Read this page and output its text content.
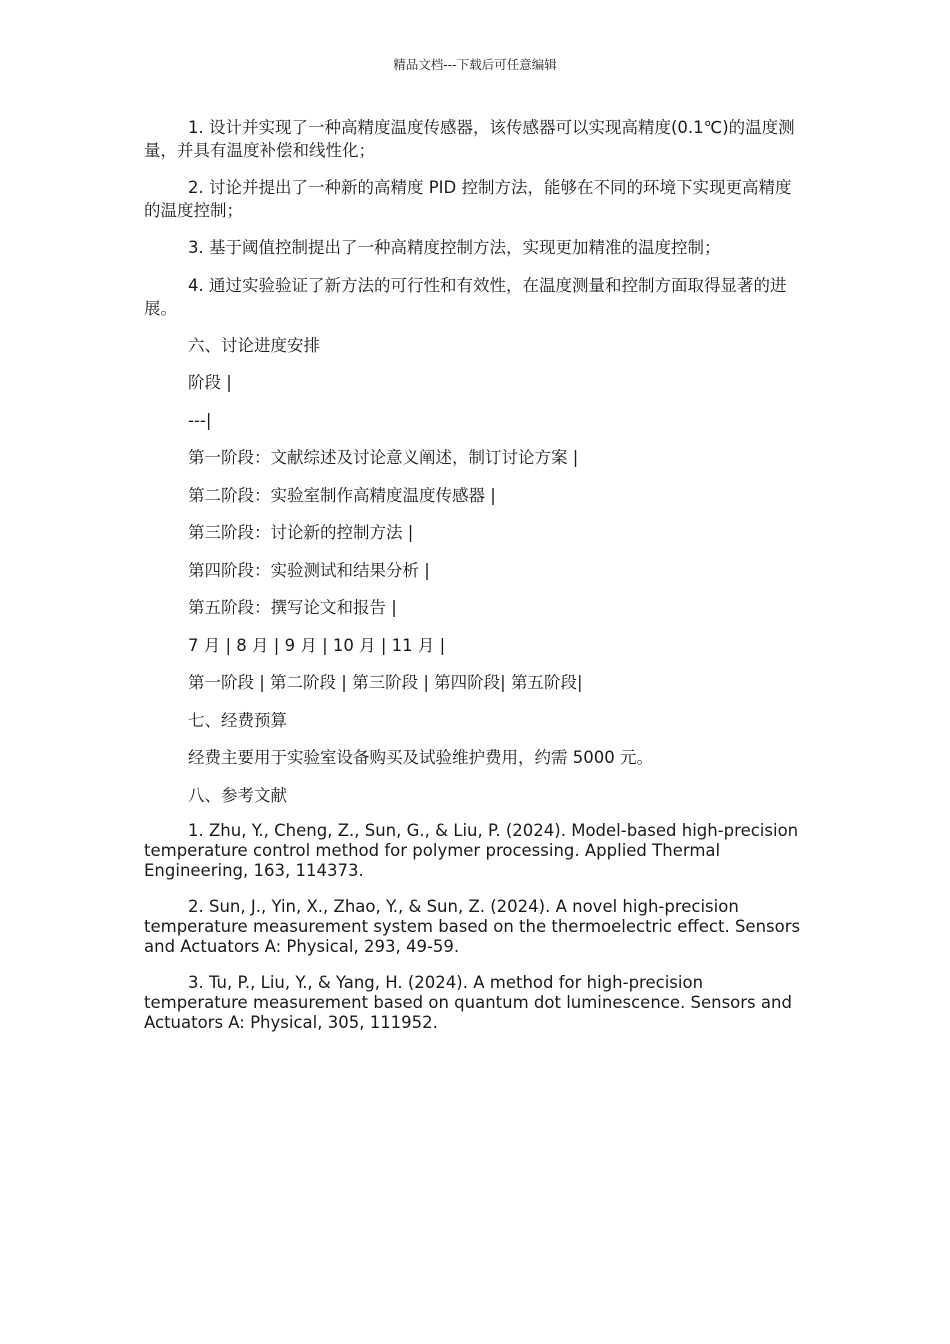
精品文档---下载后可任意编辑

1. 设计并实现了一种高精度温度传感器，该传感器可以实现高精度(0.1℃)的温度测量，并具有温度补偿和线性化；

2. 讨论并提出了一种新的高精度 PID 控制方法，能够在不同的环境下实现更高精度的温度控制；

3. 基于阈值控制提出了一种高精度控制方法，实现更加精准的温度控制；

4. 通过实验验证了新方法的可行性和有效性，在温度测量和控制方面取得显著的进展。

六、讨论进度安排

阶段 |

---|

第一阶段：文献综述及讨论意义阐述，制订讨论方案 |

第二阶段：实验室制作高精度温度传感器 |

第三阶段：讨论新的控制方法 |

第四阶段：实验测试和结果分析 |

第五阶段：撰写论文和报告 |

7 月 | 8 月 | 9 月 | 10 月 | 11 月 |

第一阶段 | 第二阶段 | 第三阶段 | 第四阶段| 第五阶段|

七、经费预算

经费主要用于实验室设备购买及试验维护费用，约需 5000 元。

八、参考文献

1. Zhu, Y., Cheng, Z., Sun, G., & Liu, P. (2024). Model-based high-precision temperature control method for polymer processing. Applied Thermal Engineering, 163, 114373.

2. Sun, J., Yin, X., Zhao, Y., & Sun, Z. (2024). A novel high-precision temperature measurement system based on the thermoelectric effect. Sensors and Actuators A: Physical, 293, 49-59.

3. Tu, P., Liu, Y., & Yang, H. (2024). A method for high-precision temperature measurement based on quantum dot luminescence. Sensors and Actuators A: Physical, 305, 111952.
